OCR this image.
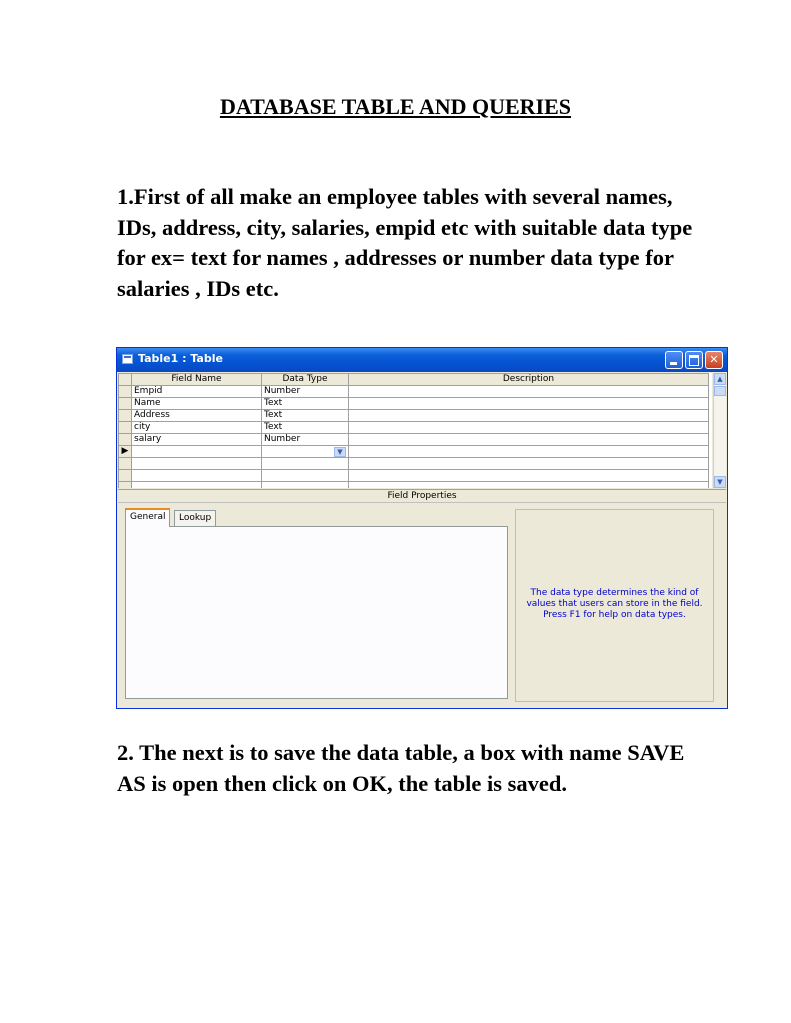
DATABASE TABLE AND QUERIES

1.First of all make an employee tables with several names, IDs, address, city, salaries, empid etc with suitable data type for ex= text for names , addresses or number data type for salaries , IDs etc.

Table1 : Table	✕
	Field Name	Data Type	Description
	Empid	Number	
	Name	Text	
	Address	Text	
	city	Text	
	salary	Number	
▶		▼	

▲
▼
Field Properties
General	Lookup
The data type determines the kind of values that users can store in the field. Press F1 for help on data types.

2. The next is to save the data table, a box with name SAVE AS is open then click on OK, the table is saved.
